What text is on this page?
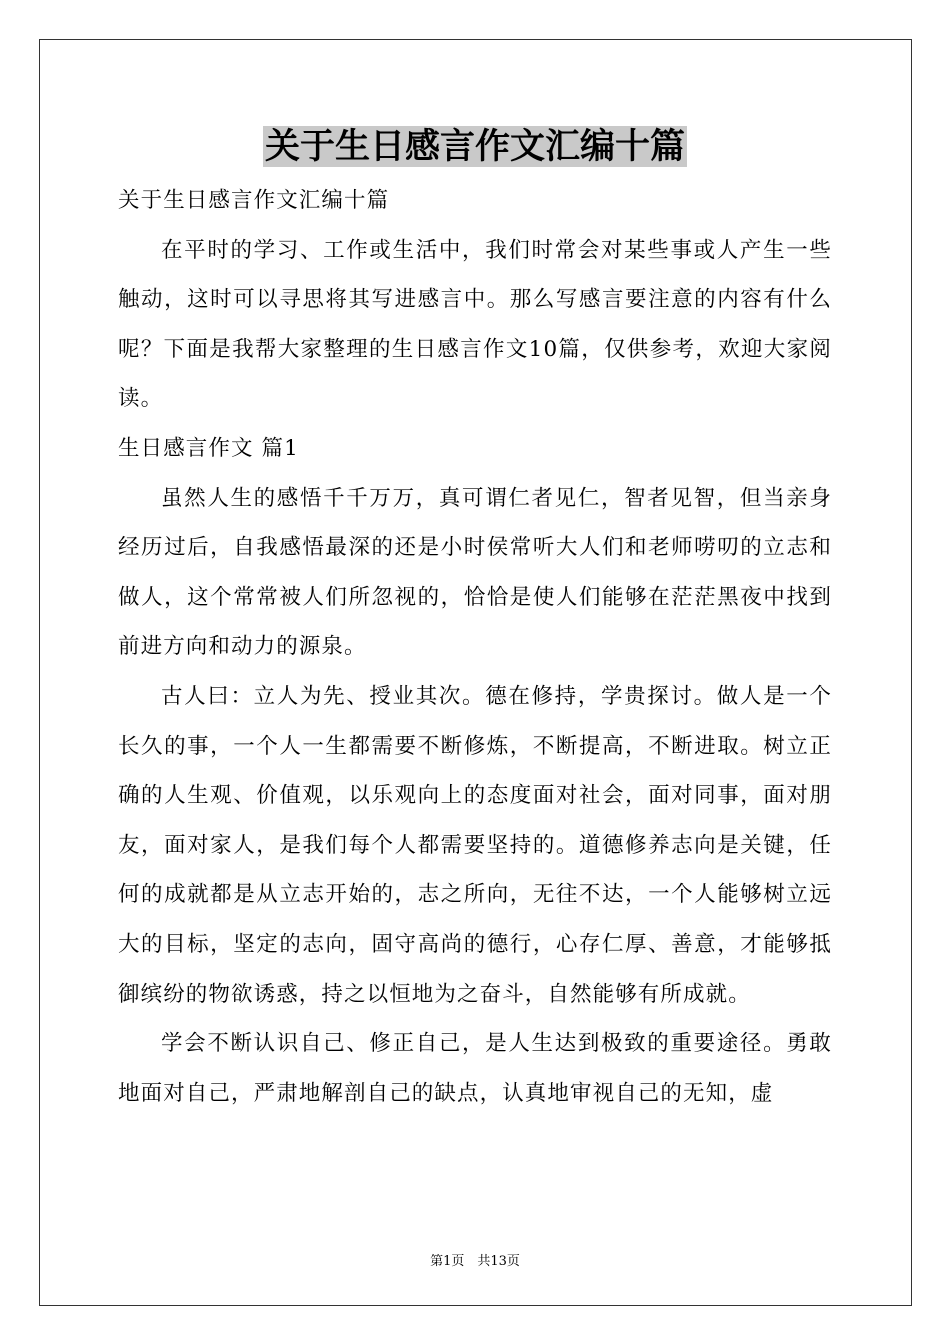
关于生日感言作文汇编十篇

关于生日感言作文汇编十篇

在平时的学习、工作或生活中，我们时常会对某些事或人产生一些触动，这时可以寻思将其写进感言中。那么写感言要注意的内容有什么呢？下面是我帮大家整理的生日感言作文10篇，仅供参考，欢迎大家阅读。

生日感言作文 篇1

虽然人生的感悟千千万万，真可谓仁者见仁，智者见智，但当亲身经历过后，自我感悟最深的还是小时侯常听大人们和老师唠叨的立志和做人，这个常常被人们所忽视的，恰恰是使人们能够在茫茫黑夜中找到前进方向和动力的源泉。

古人曰：立人为先、授业其次。德在修持，学贵探讨。做人是一个长久的事，一个人一生都需要不断修炼，不断提高，不断进取。树立正确的人生观、价值观，以乐观向上的态度面对社会，面对同事，面对朋友，面对家人，是我们每个人都需要坚持的。道德修养志向是关键，任何的成就都是从立志开始的，志之所向，无往不达，一个人能够树立远大的目标，坚定的志向，固守高尚的德行，心存仁厚、善意，才能够抵御缤纷的物欲诱惑，持之以恒地为之奋斗，自然能够有所成就。

学会不断认识自己、修正自己，是人生达到极致的重要途径。勇敢地面对自己，严肃地解剖自己的缺点，认真地审视自己的无知，虚

第1页　共13页
